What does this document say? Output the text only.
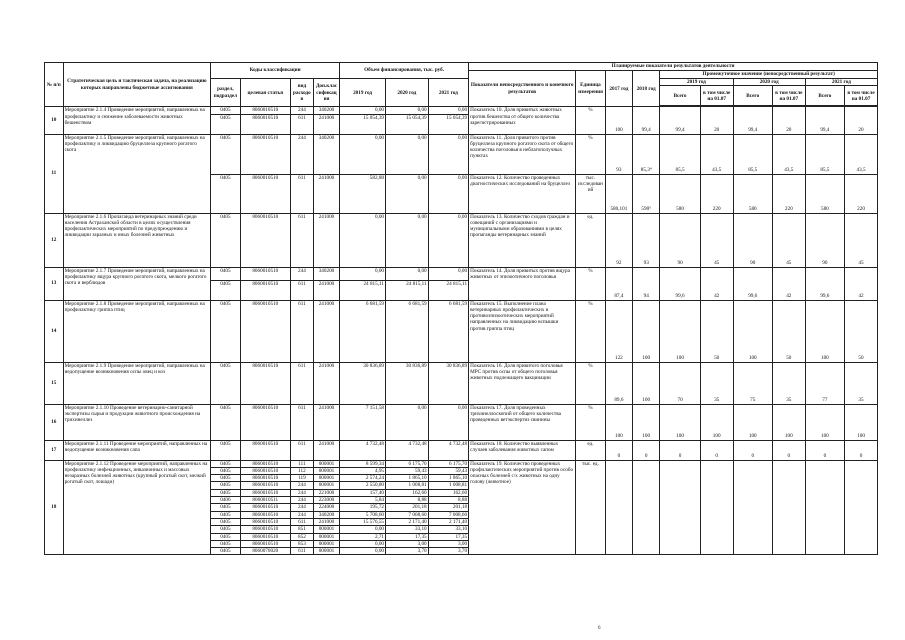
№ п/п	Стратегическая цель и тактическая задача, на реализацию которых направлены бюджетные ассигнования	Коды классификации				Объем финансирования, тыс. руб.			Планируемые показатели результатов деятельности									
									Показатели непосредственного и конечного результатов	Единица измерения	2017 год	2018 год	Промежуточное значение (непосредственный результат)					
		раздел, подраздел	целевая статья	вид расходов	Доп.классификация	2019 год	2020 год	2021 год					2019 год		2020 год		2021 год	
													Всего	в том числе на 01.07	Всего	в том числе на 01.07	Всего	в том числе на 01.07

10	Мероприятие 2.1.4 Проведение мероприятий, направленных на профилактику и снижение заболеваемости животных бешенством	0405	8060010510	244	340200	0,00	0,00	0,00	Показатель 10. Доля привитых животных против бешенства от общего количества зарегистрированных	%	100	99,4	99,4	20	99,4	20	99,4	20
		0405	8060010510	611	241000	15 054,39	15 054,39	15 054,39										
11	Мероприятие 2.1.5 Проведение мероприятий, направленных на профилактику и ликвидацию бруцеллеза крупного рогатого скота	0405	8060010510	244	340200	0,00	0,00	0,00	Показатель 11. Доля привитого против бруцеллеза крупного рогатого скота от общего количества поголовья в неблагополучных пунктах	%	93	85,3⁴	85,5	43,5	85,5	43,5	85,5	43,5
		0405	8060010510	611	241000	582,88	0,00	0,00	Показатель 12. Количество проведенных диагностических исследований на бруцеллез	тыс. исследований	580,101	590⁵	580	220	580	220	580	220
12	Мероприятие 2.1.6 Пропаганда ветеринарных знаний среди населения Астраханской области в целях осуществления профилактических мероприятий по предупреждению и ликвидации заразных и иных болезней животных	0405	8060010510	611	241000	0,00	0,00	0,00	Показатель 13. Количество сходов граждан и совещаний с организациями и муниципальными образованиями в целях пропаганды ветеринарных знаний	ед.	92	93	90	45	90	45	90	45
13	Мероприятие 2.1.7 Проведение мероприятий, направленных на профилактику ящура крупного рогатого скота, мелкого рогатого скота и верблюдов	0405	8060010510	244	340200	0,00	0,00	0,00	Показатель 14. Доля привитых против ящура животных от эпизоотичного поголовья	%	87,4	94	99,6	42	99,6	42	99,6	42
		0405	8060010510	611	241000	24 815,11	24 815,11	24 815,11										
14	Мероприятие 2.1.8 Проведение мероприятий, направленных на профилактику гриппа птиц	0405	8060010510	611	241000	6 681,59	6 681,59	6 681,59	Показатель 15. Выполнение плана ветеринарных профилактических и противоэпизоотических мероприятий направленных на ликвидацию вспышки против гриппа птиц	%	122	100	100	50	100	50	100	50
15	Мероприятие 2.1.9 Проведение мероприятий, направленных на недопущение возникновения оспы овец и коз	0405	8060010510	611	241000	30 836,89	30 836,89	30 836,89	Показатель 16. Доля привитого поголовья МРС против оспы от общего поголовья животных подлежащего вакцинации	%	89,6	100	70	35	75	35	77	35
16	Мероприятие 2.1.10 Проведение ветеринарно-санитарной экспертизы сырья и продукции животного происхождения на трихинеллез	0405	8060010510	611	241000	7 151,58	0,00	0,00	Показатель 17. Доля проведенных трихинеллоскопий от общего количества проведенных ветэкспертиз свинины	%	100	100	100	100	100	100	100	100
17	Мероприятие 2.1.11 Проведение мероприятий, направленных на недопущение возникновения сапа	0405	8060010510	611	241000	4 732,48	4 732,48	4 732,48	Показатель 18. Количество выявленных случаев заболевания животных сапом	ед.	0	0	0	0	0	0	0	0
18	Мероприятие 2.1.12 Проведение мероприятий, направленных на профилактику инфекционных, инвазионных и массовых незаразных болезней животных (крупный рогатый скот, мелкий рогатый скот, лошади)	0405	8060010510	111	000001	8 599,34	6 175,70	6 175,70	Показатель 19. Количество проведенных профилактических мероприятий против особо опасных болезней с/х животных на одну голову (животное)	тыс. ед.								
		0405	8060010510	112	000001	4,95	59,43	59,43										
		0405	8060010510	119	000001	2 574,24	1 865,10	1 865,10										
		0405	8060010510	244	000001	2 550,80	1 008,81	1 008,81										
		0405	8060010510	244	221000	157,40	162,60	162,60										
		0406	8060010511	244	223000	5,84	8,88	8,88										
		0405	8060010510	244	224000	195,72	201,18	201,18										
		0405	8060010510	244	340200	5 708,60	7 008,60	7 008,60										
		0405	8060010510	611	241000	15 576,55	2 171,40	2 171,40										
		0405	8060010510	851	000001	0,00	33,10	33,10										
		0405	8060010510	852	000001	2,71	17,35	17,35										
		0405	8060010510	853	000001	0,00	3,00	3,00										
		0405	8060070020	611	000001	0,00	3,70	3,70										
6
